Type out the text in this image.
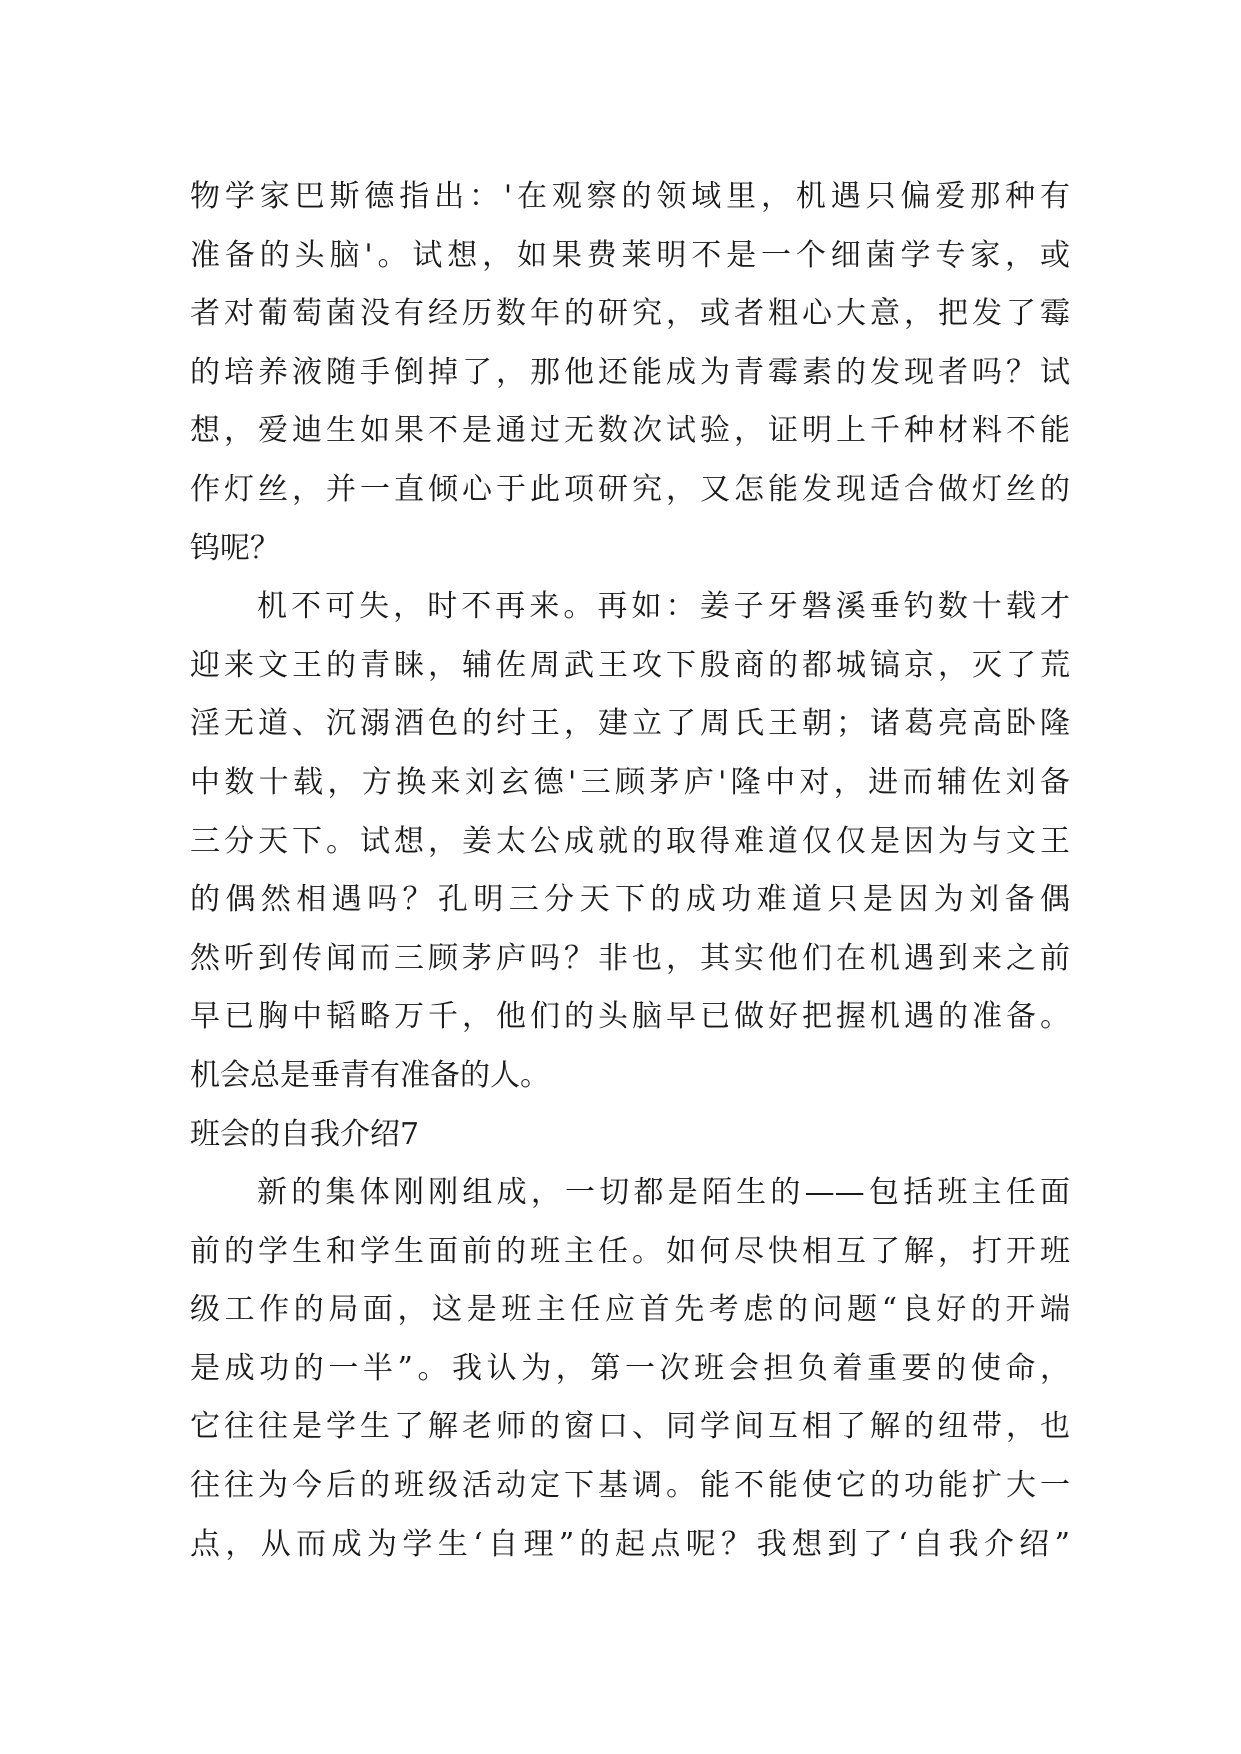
物学家巴斯德指出：'在观察的领域里，机遇只偏爱那种有
准备的头脑'。试想，如果费莱明不是一个细菌学专家，或
者对葡萄菌没有经历数年的研究，或者粗心大意，把发了霉
的培养液随手倒掉了，那他还能成为青霉素的发现者吗？试
想，爱迪生如果不是通过无数次试验，证明上千种材料不能
作灯丝，并一直倾心于此项研究，又怎能发现适合做灯丝的
钨呢？
机不可失，时不再来。再如：姜子牙磐溪垂钓数十载才
迎来文王的青睐，辅佐周武王攻下殷商的都城镐京，灭了荒
淫无道、沉溺酒色的纣王，建立了周氏王朝；诸葛亮高卧隆
中数十载，方换来刘玄德'三顾茅庐'隆中对，进而辅佐刘备
三分天下。试想，姜太公成就的取得难道仅仅是因为与文王
的偶然相遇吗？孔明三分天下的成功难道只是因为刘备偶
然听到传闻而三顾茅庐吗？非也，其实他们在机遇到来之前
早已胸中韬略万千，他们的头脑早已做好把握机遇的准备。
机会总是垂青有准备的人。
班会的自我介绍7
新的集体刚刚组成，一切都是陌生的——包括班主任面
前的学生和学生面前的班主任。如何尽快相互了解，打开班
级工作的局面，这是班主任应首先考虑的问题“良好的开端
是成功的一半”。我认为，第一次班会担负着重要的使命，
它往往是学生了解老师的窗口、同学间互相了解的纽带，也
往往为今后的班级活动定下基调。能不能使它的功能扩大一
点，从而成为学生‘自理”的起点呢？我想到了‘自我介绍”
